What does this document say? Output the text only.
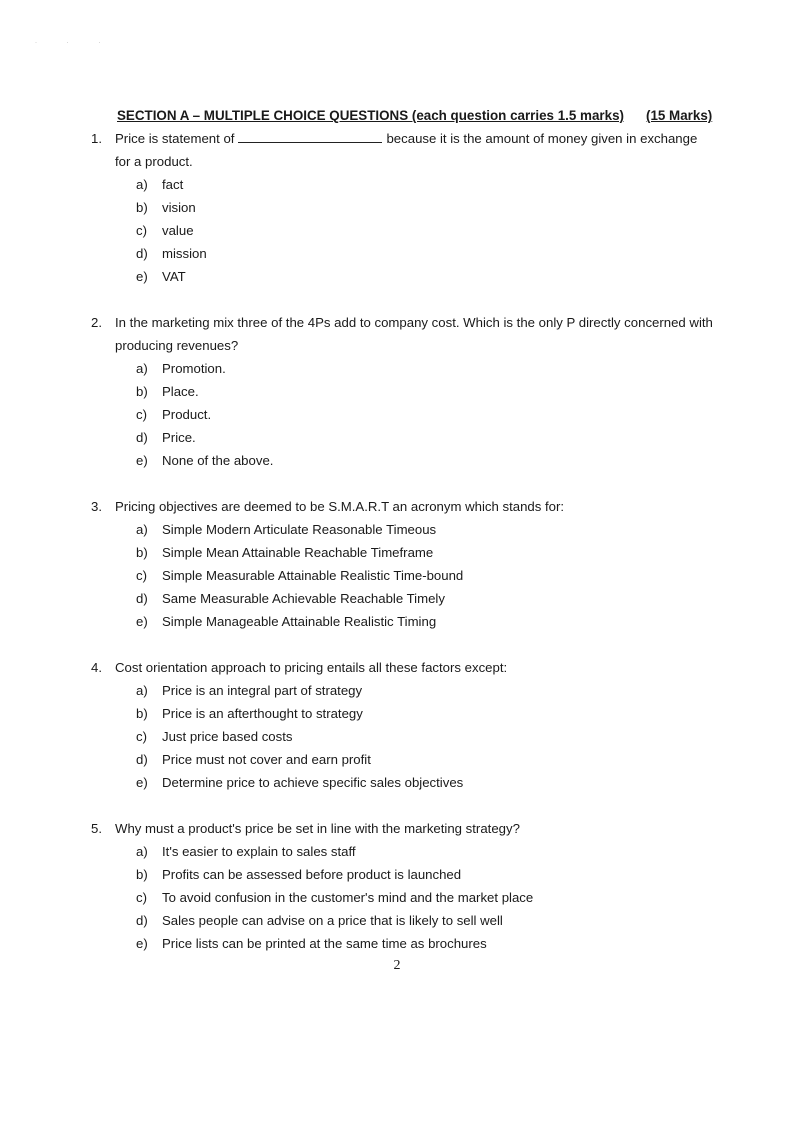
· · ·
SECTION A – MULTIPLE CHOICE QUESTIONS (each question carries 1.5 marks) (15 Marks)
1. Price is statement of	because it is the amount of money given in exchange
for a product.
a) fact
b) vision
c) value
d) mission
e) VAT
2. In the marketing mix three of the 4Ps add to company cost. Which is the only P directly concerned with
producing revenues?
a) Promotion.
b) Place.
c) Product.
d) Price.
e) None of the above.
3. Pricing objectives are deemed to be S.M.A.R.T an acronym which stands for:
a) Simple Modern Articulate Reasonable Timeous
b) Simple Mean Attainable Reachable Timeframe
c) Simple Measurable Attainable Realistic Time-bound
d) Same Measurable Achievable Reachable Timely
e) Simple Manageable Attainable Realistic Timing
4. Cost orientation approach to pricing entails all these factors except:
a) Price is an integral part of strategy
b) Price is an afterthought to strategy
c) Just price based costs
d) Price must not cover and earn profit
e) Determine price to achieve specific sales objectives
5. Why must a product's price be set in line with the marketing strategy?
a) It's easier to explain to sales staff
b) Profits can be assessed before product is launched
c) To avoid confusion in the customer's mind and the market place
d) Sales people can advise on a price that is likely to sell well
e) Price lists can be printed at the same time as brochures
2
